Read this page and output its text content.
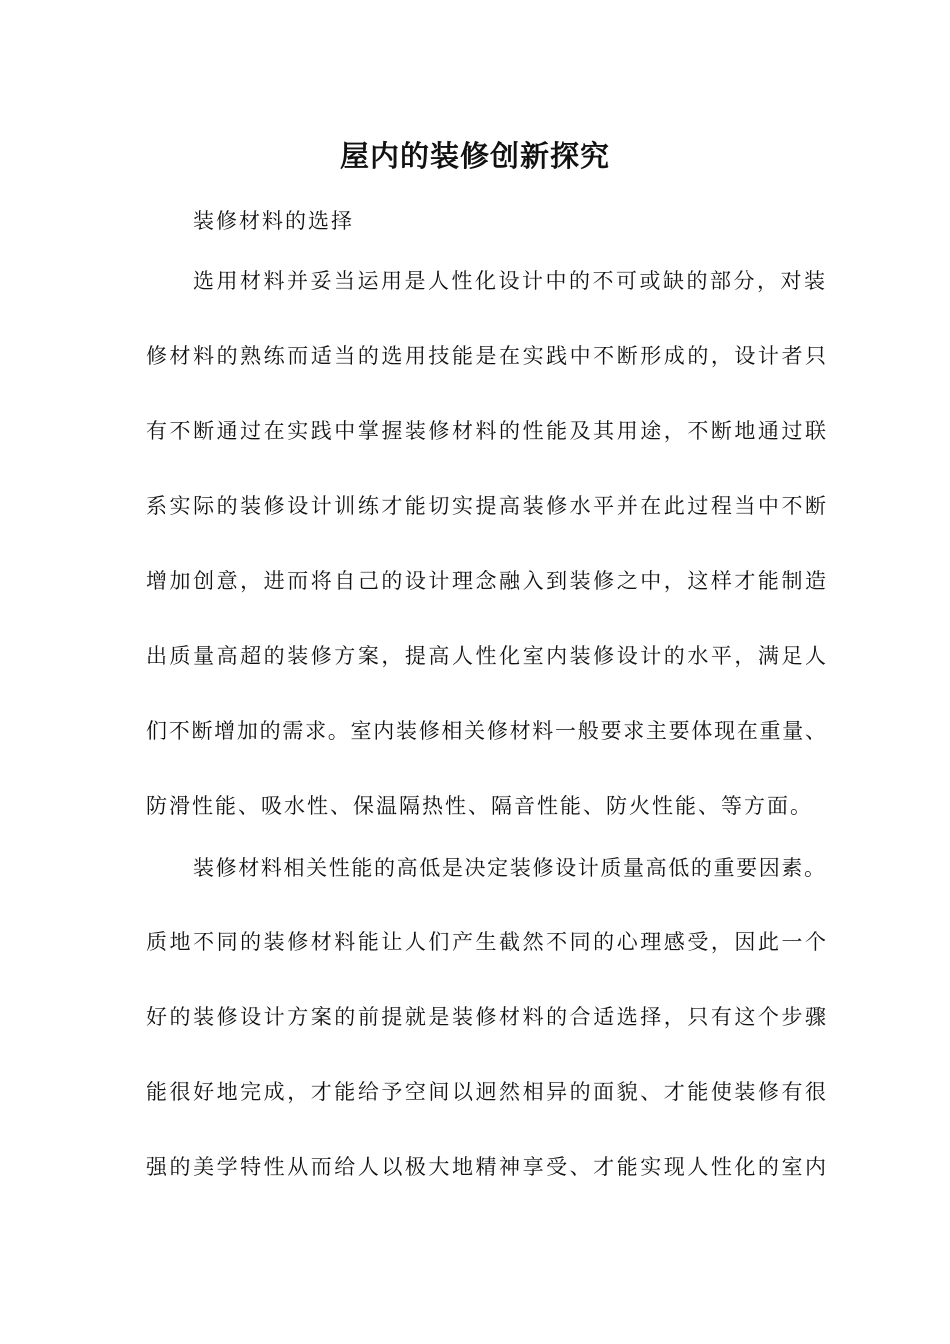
屋内的装修创新探究
装修材料的选择
选用材料并妥当运用是人性化设计中的不可或缺的部分，对装
修材料的熟练而适当的选用技能是在实践中不断形成的，设计者只
有不断通过在实践中掌握装修材料的性能及其用途，不断地通过联
系实际的装修设计训练才能切实提高装修水平并在此过程当中不断
增加创意，进而将自己的设计理念融入到装修之中，这样才能制造
出质量高超的装修方案，提高人性化室内装修设计的水平，满足人
们不断增加的需求。室内装修相关修材料一般要求主要体现在重量、
防滑性能、吸水性、保温隔热性、隔音性能、防火性能、等方面。
装修材料相关性能的高低是决定装修设计质量高低的重要因素。
质地不同的装修材料能让人们产生截然不同的心理感受，因此一个
好的装修设计方案的前提就是装修材料的合适选择，只有这个步骤
能很好地完成，才能给予空间以迥然相异的面貌、才能使装修有很
强的美学特性从而给人以极大地精神享受、才能实现人性化的室内
